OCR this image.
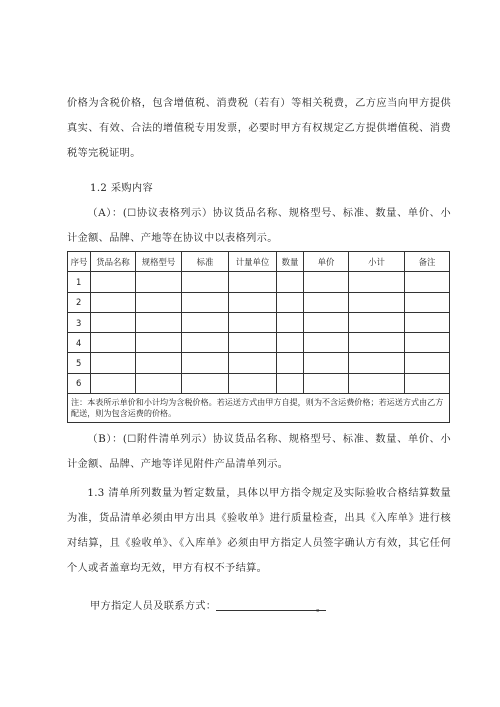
价格为含税价格，包含增值税、消费税（若有）等相关税费，乙方应当向甲方提供真实、有效、合法的增值税专用发票，必要时甲方有权规定乙方提供增值税、消费税等完税证明。

1.2 采购内容

（A）：(☐协议表格列示）协议货品名称、规格型号、标准、数量、单价、小计金额、品牌、产地等在协议中以表格列示。

序号	货品名称	规格型号	标准	计量单位	数量	单价	小计	备注
1								
2								
3								
4								
5								
6								
注：本表所示单价和小计均为含税价格。若运送方式由甲方自提，则为不含运费价格；若运送方式由乙方配送，则为包含运费的价格。								

（B）：(☐附件清单列示）协议货品名称、规格型号、标准、数量、单价、小计金额、品牌、产地等详见附件产品清单列示。

1.3 清单所列数量为暂定数量，具体以甲方指令规定及实际验收合格结算数量为准，货品清单必须由甲方出具《验收单》进行质量检查，出具《入库单》进行核对结算，且《验收单》、《入库单》必须由甲方指定人员签字确认方有效，其它任何个人或者盖章均无效，甲方有权不予结算。

甲方指定人员及联系方式：	。
